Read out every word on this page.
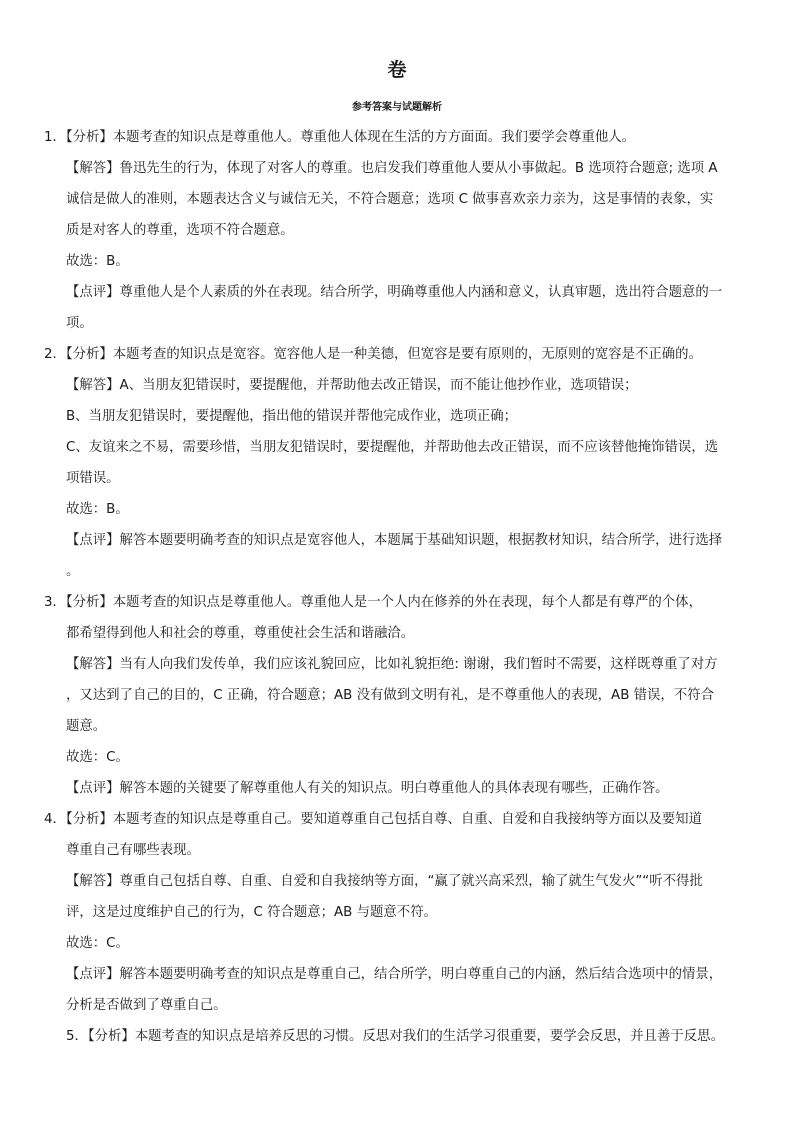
卷
参考答案与试题解析
1．【分析】本题考查的知识点是尊重他人。尊重他人体现在生活的方方面面。我们要学会尊重他人。
【解答】鲁迅先生的行为，体现了对客人的尊重。也启发我们尊重他人要从小事做起。B 选项符合题意; 选项 A
诚信是做人的准则，本题表达含义与诚信无关，不符合题意；选项 C 做事喜欢亲力亲为，这是事情的表象，实
质是对客人的尊重，选项不符合题意。
故选：B。
【点评】尊重他人是个人素质的外在表现。结合所学，明确尊重他人内涵和意义，认真审题，选出符合题意的一
项。
2．【分析】本题考查的知识点是宽容。宽容他人是一种美德，但宽容是要有原则的，无原则的宽容是不正确的。
【解答】A、当朋友犯错误时，要提醒他，并帮助他去改正错误，而不能让他抄作业，选项错误；
B、当朋友犯错误时，要提醒他，指出他的错误并帮他完成作业，选项正确；
C、友谊来之不易，需要珍惜，当朋友犯错误时，要提醒他，并帮助他去改正错误，而不应该替他掩饰错误，选
项错误。
故选：B。
【点评】解答本题要明确考查的知识点是宽容他人，本题属于基础知识题，根据教材知识，结合所学，进行选择
。
3．【分析】本题考查的知识点是尊重他人。尊重他人是一个人内在修养的外在表现，每个人都是有尊严的个体，
都希望得到他人和社会的尊重，尊重使社会生活和谐融洽。
【解答】当有人向我们发传单，我们应该礼貌回应，比如礼貌拒绝: 谢谢，我们暂时不需要，这样既尊重了对方
，又达到了自己的目的，C 正确，符合题意；AB 没有做到文明有礼，是不尊重他人的表现，AB 错误，不符合
题意。
故选：C。
【点评】解答本题的关键要了解尊重他人有关的知识点。明白尊重他人的具体表现有哪些，正确作答。
4．【分析】本题考查的知识点是尊重自己。要知道尊重自己包括自尊、自重、自爱和自我接纳等方面以及要知道
尊重自己有哪些表现。
【解答】尊重自己包括自尊、自重、自爱和自我接纳等方面，“赢了就兴高采烈，输了就生气发火”“听不得批
评，这是过度维护自己的行为，C 符合题意；AB 与题意不符。
故选：C。
【点评】解答本题要明确考查的知识点是尊重自己，结合所学，明白尊重自己的内涵，然后结合选项中的情景，
分析是否做到了尊重自己。
5．【分析】本题考查的知识点是培养反思的习惯。反思对我们的生活学习很重要，要学会反思，并且善于反思。
